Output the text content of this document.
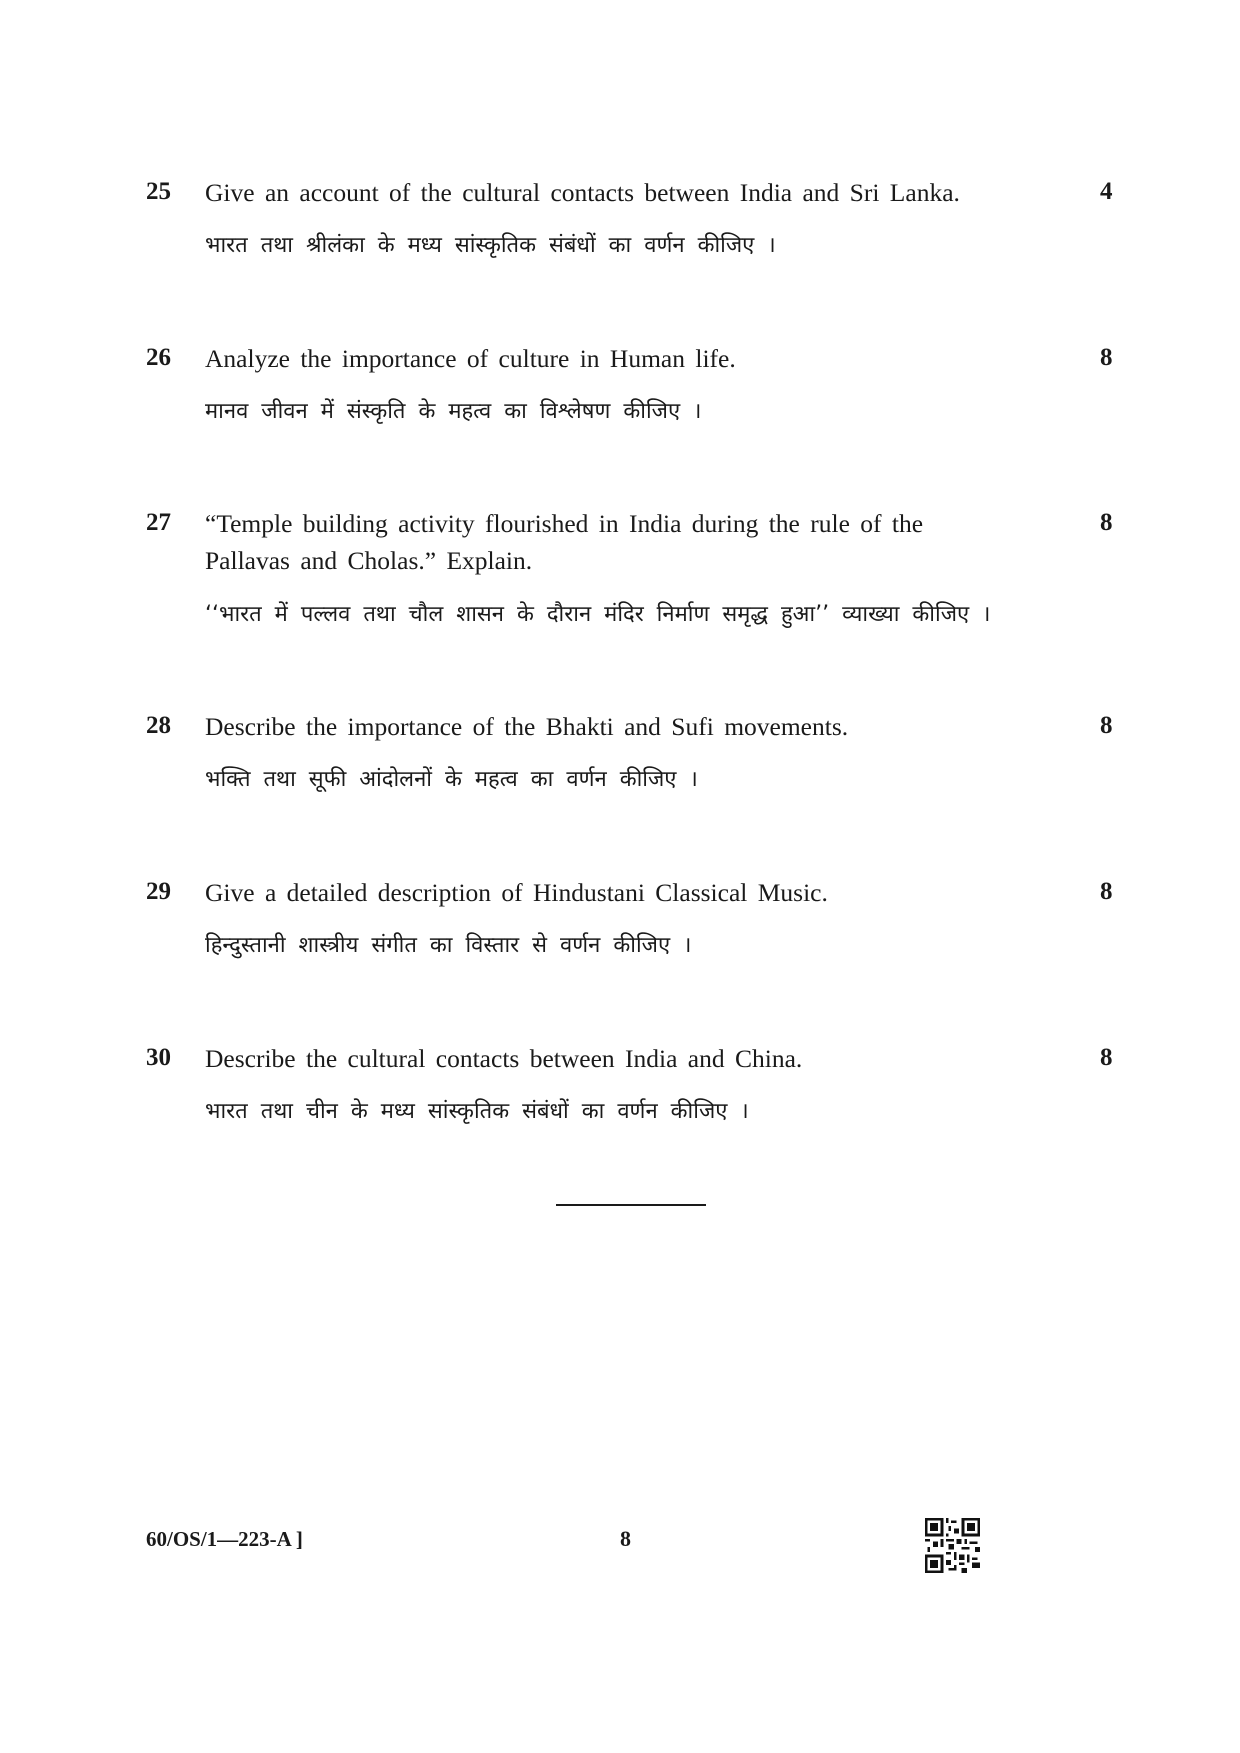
25 Give an account of the cultural contacts between India and Sri Lanka.
भारत तथा श्रीलंका के मध्य सांस्कृतिक संबंधों का वर्णन कीजिए ।
4
26 Analyze the importance of culture in Human life.
मानव जीवन में संस्कृति के महत्व का विश्लेषण कीजिए ।
8
27 “Temple building activity flourished in India during the rule of the Pallavas and Cholas.” Explain.
‘‘भारत में पल्लव तथा चौल शासन के दौरान मंदिर निर्माण समृद्ध हुआ’’ व्याख्या कीजिए ।
8
28 Describe the importance of the Bhakti and Sufi movements.
भक्ति तथा सूफी आंदोलनों के महत्व का वर्णन कीजिए ।
8
29 Give a detailed description of Hindustani Classical Music.
हिन्दुस्तानी शास्त्रीय संगीत का विस्तार से वर्णन कीजिए ।
8
30 Describe the cultural contacts between India and China.
भारत तथा चीन के मध्य सांस्कृतिक संबंधों का वर्णन कीजिए ।
8
60/OS/1—223-A ]	8
